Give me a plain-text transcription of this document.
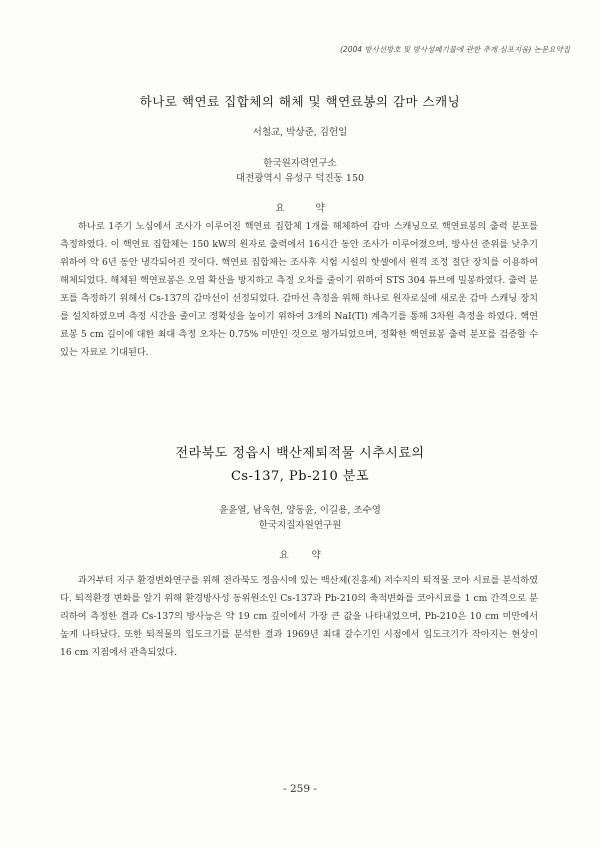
(2004 방사선방호 및 방사성폐기물에 관한 추계 심포지움) 논문요약집

하나로 핵연료 집합체의 해체 및 핵연료봉의 감마 스캐닝
서철교, 박상준, 김헌일
한국원자력연구소
대전광역시 유성구 덕진동 150
요 약
하나로 1주기 노심에서 조사가 이루어진 핵연료 집합체 1개를 해체하여 감마 스캐닝으로 핵연료봉의 출력 분포를 측정하였다. 이 핵연료 집합체는 150 kW의 원자로 출력에서 16시간 동안 조사가 이루어졌으며, 방사선 준위를 낮추기 위하여 약 6년 동안 냉각되어진 것이다. 핵연료 집합체는 조사후 시험 시설의 핫셀에서 원격 조정 절단 장치를 이용하여 해체되었다. 해체된 핵연료봉은 오염 확산을 방지하고 측정 오차를 줄이기 위하여 STS 304 튜브에 밀봉하였다. 출력 분포를 측정하기 위해서 Cs-137의 감마선이 선정되었다. 감마선 측정을 위해 하나로 원자로실에 새로운 감마 스캐닝 장치를 설치하였으며 측정 시간을 줄이고 정확성을 높이기 위하여 3개의 NaI(Tl) 계측기를 통해 3차원 측정을 하였다. 핵연료봉 5 cm 길이에 대한 최대 측정 오차는 0.75% 미만인 것으로 평가되었으며, 정확한 핵연료봉 출력 분포를 검증할 수 있는 자료로 기대된다.
전라북도 정읍시 백산제퇴적물 시추시료의
Cs-137, Pb-210 분포
윤윤열, 남욱현, 양동윤, 이길용, 조수영
한국지질자원연구원
요 약
과거부터 지구 환경변화연구를 위해 전라북도 정읍시에 있는 백산제(진흥제) 저수지의 퇴적물 코아 시료를 분석하였다. 퇴적환경 변화를 알기 위해 환경방사성 동위원소인 Cs-137과 Pb-210의 축적변화를 코아시료를 1 cm 간격으로 분리하여 측정한 결과 Cs-137의 방사능은 약 19 cm 깊이에서 가장 큰 값을 나타내었으며, Pb-210은 10 cm 미만에서 높게 나타났다. 또한 퇴적물의 입도크기를 분석한 결과 1969년 최대 갈수기인 시점에서 입도크기가 작아지는 현상이 16 cm 지점에서 관측되었다.
- 259 -
